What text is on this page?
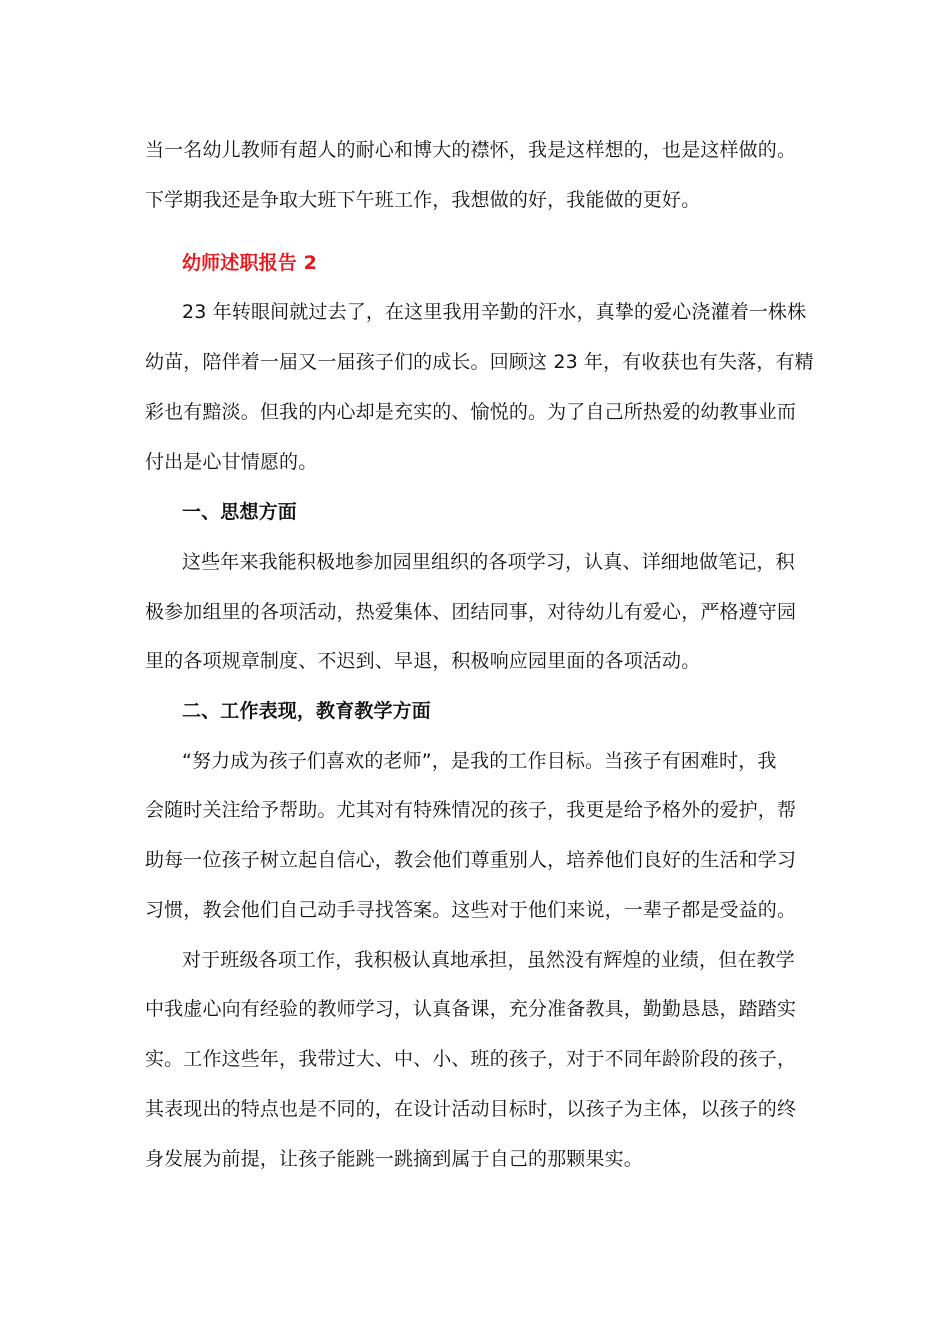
当一名幼儿教师有超人的耐心和博大的襟怀，我是这样想的，也是这样做的。
下学期我还是争取大班下午班工作，我想做的好，我能做的更好。
幼师述职报告 2
23 年转眼间就过去了，在这里我用辛勤的汗水，真挚的爱心浇灌着一株株
幼苗，陪伴着一届又一届孩子们的成长。回顾这 23 年，有收获也有失落，有精
彩也有黯淡。但我的内心却是充实的、愉悦的。为了自己所热爱的幼教事业而
付出是心甘情愿的。
一、思想方面
这些年来我能积极地参加园里组织的各项学习，认真、详细地做笔记，积
极参加组里的各项活动，热爱集体、团结同事，对待幼儿有爱心，严格遵守园
里的各项规章制度、不迟到、早退，积极响应园里面的各项活动。
二、工作表现，教育教学方面
“努力成为孩子们喜欢的老师”，是我的工作目标。当孩子有困难时，我
会随时关注给予帮助。尤其对有特殊情况的孩子，我更是给予格外的爱护，帮
助每一位孩子树立起自信心，教会他们尊重别人，培养他们良好的生活和学习
习惯，教会他们自己动手寻找答案。这些对于他们来说，一辈子都是受益的。
对于班级各项工作，我积极认真地承担，虽然没有辉煌的业绩，但在教学
中我虚心向有经验的教师学习，认真备课，充分准备教具，勤勤恳恳，踏踏实
实。工作这些年，我带过大、中、小、班的孩子，对于不同年龄阶段的孩子，
其表现出的特点也是不同的，在设计活动目标时，以孩子为主体，以孩子的终
身发展为前提，让孩子能跳一跳摘到属于自己的那颗果实。
